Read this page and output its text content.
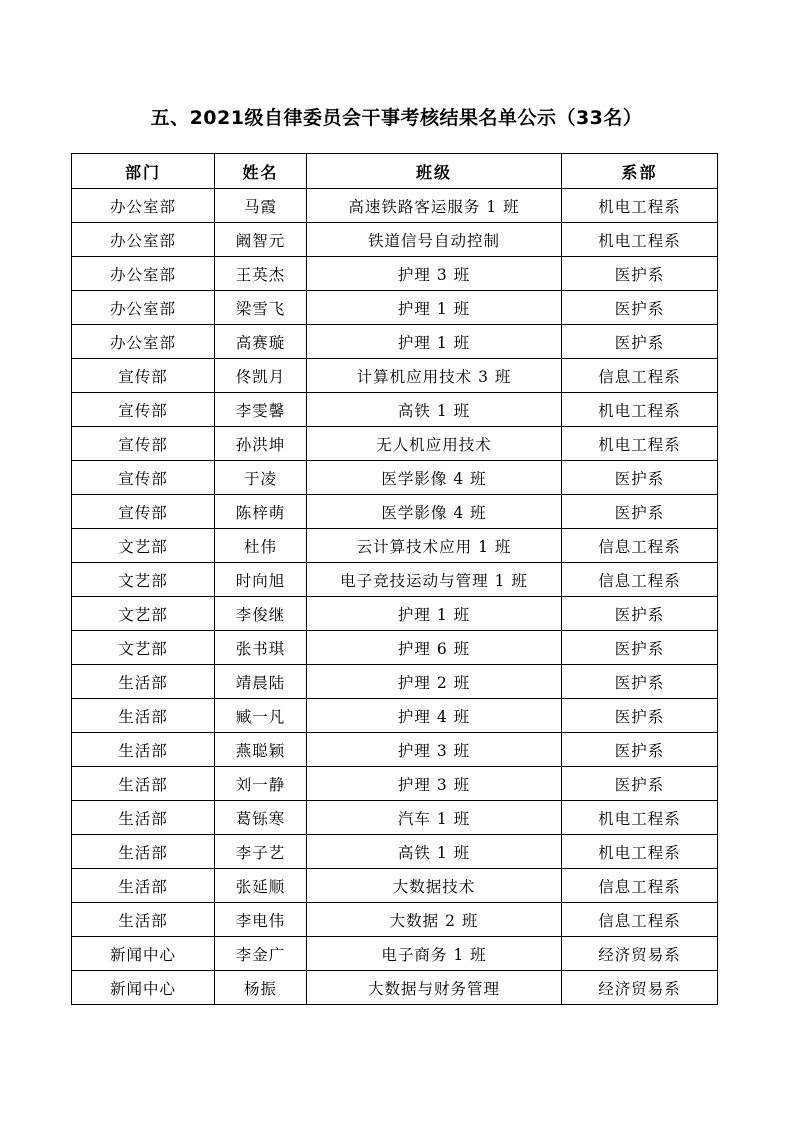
五、2021级自律委员会干事考核结果名单公示（33名）
部门	姓名	班级	系部
办公室部	马霞	高速铁路客运服务 1 班	机电工程系
办公室部	阚智元	铁道信号自动控制	机电工程系
办公室部	王英杰	护理 3 班	医护系
办公室部	梁雪飞	护理 1 班	医护系
办公室部	高赛璇	护理 1 班	医护系
宣传部	佟凯月	计算机应用技术 3 班	信息工程系
宣传部	李雯馨	高铁 1 班	机电工程系
宣传部	孙洪坤	无人机应用技术	机电工程系
宣传部	于凌	医学影像 4 班	医护系
宣传部	陈梓萌	医学影像 4 班	医护系
文艺部	杜伟	云计算技术应用 1 班	信息工程系
文艺部	时向旭	电子竞技运动与管理 1 班	信息工程系
文艺部	李俊继	护理 1 班	医护系
文艺部	张书琪	护理 6 班	医护系
生活部	靖晨陆	护理 2 班	医护系
生活部	臧一凡	护理 4 班	医护系
生活部	燕聪颖	护理 3 班	医护系
生活部	刘一静	护理 3 班	医护系
生活部	葛铄寒	汽车 1 班	机电工程系
生活部	李子艺	高铁 1 班	机电工程系
生活部	张延顺	大数据技术	信息工程系
生活部	李电伟	大数据 2 班	信息工程系
新闻中心	李金广	电子商务 1 班	经济贸易系
新闻中心	杨振	大数据与财务管理	经济贸易系
